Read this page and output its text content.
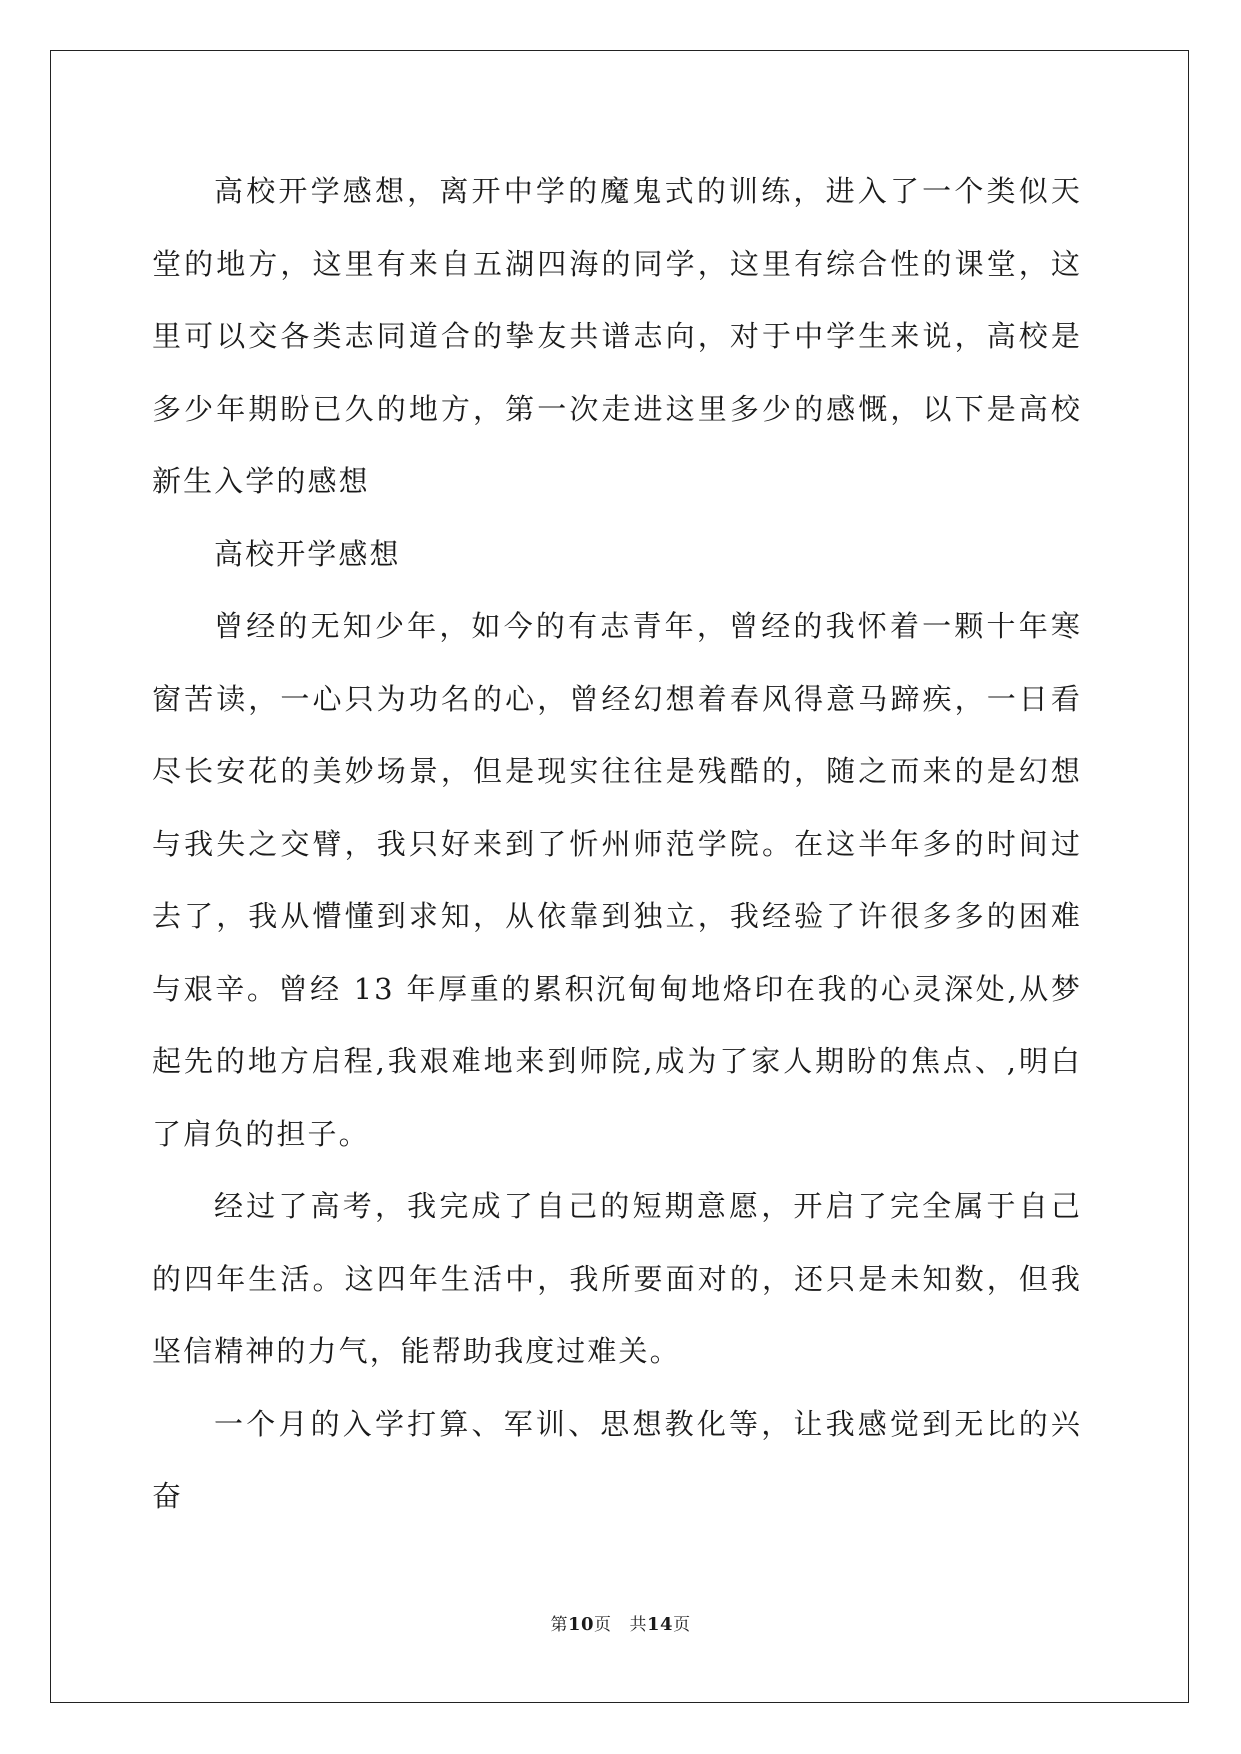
高校开学感想，离开中学的魔鬼式的训练，进入了一个类似天堂的地方，这里有来自五湖四海的同学，这里有综合性的课堂，这里可以交各类志同道合的挚友共谱志向，对于中学生来说，高校是多少年期盼已久的地方，第一次走进这里多少的感慨，以下是高校新生入学的感想

高校开学感想

曾经的无知少年，如今的有志青年，曾经的我怀着一颗十年寒窗苦读，一心只为功名的心，曾经幻想着春风得意马蹄疾，一日看尽长安花的美妙场景，但是现实往往是残酷的，随之而来的是幻想与我失之交臂，我只好来到了忻州师范学院。在这半年多的时间过去了，我从懵懂到求知，从依靠到独立，我经验了许很多多的困难与艰辛。曾经 13 年厚重的累积沉甸甸地烙印在我的心灵深处,从梦起先的地方启程,我艰难地来到师院,成为了家人期盼的焦点、,明白了肩负的担子。

经过了高考，我完成了自己的短期意愿，开启了完全属于自己的四年生活。这四年生活中，我所要面对的，还只是未知数，但我坚信精神的力气，能帮助我度过难关。

一个月的入学打算、军训、思想教化等，让我感觉到无比的兴奋

第10页 共14页
